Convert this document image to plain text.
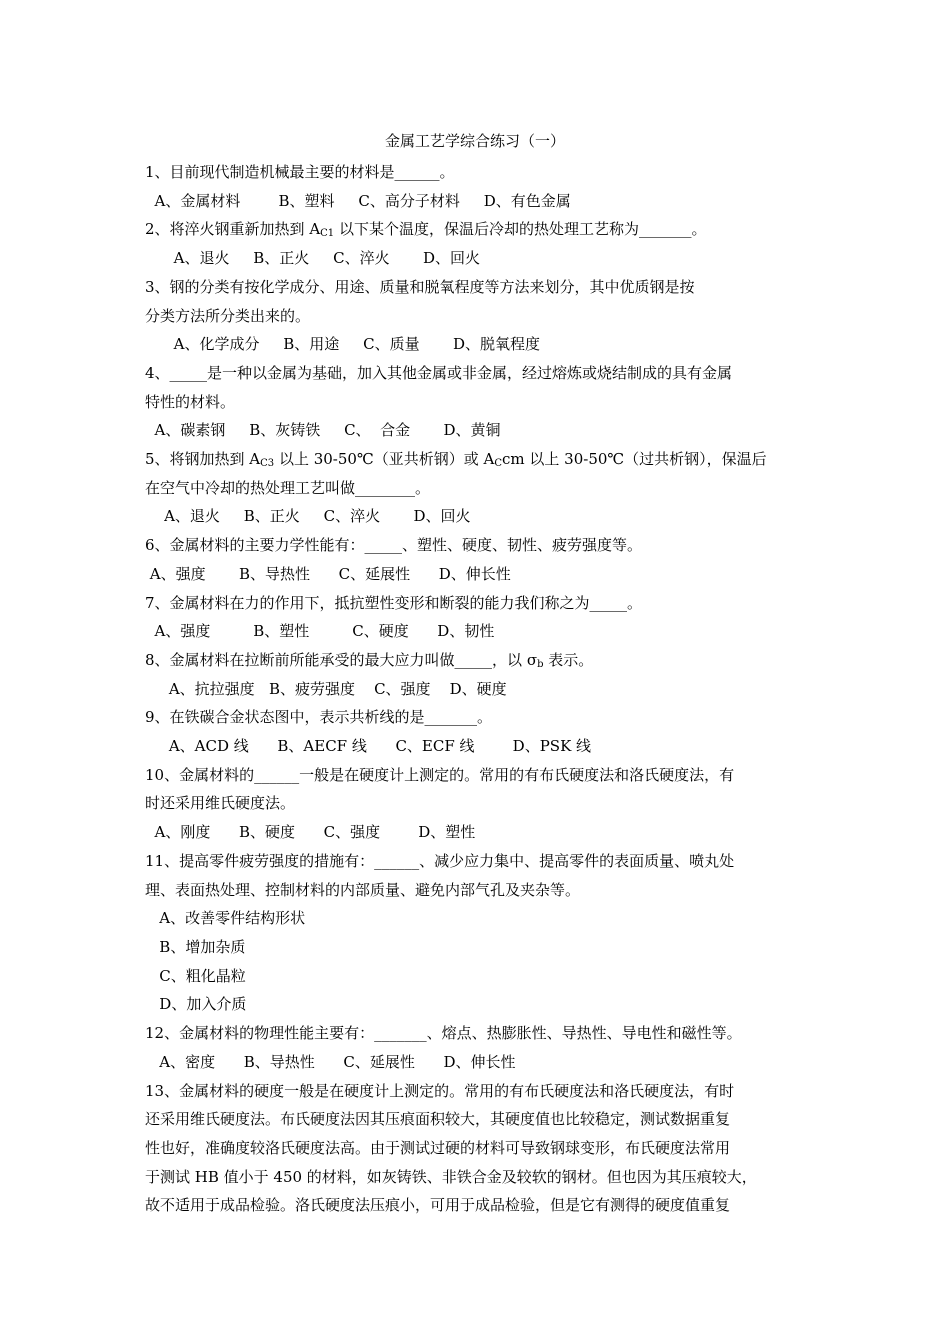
金属工艺学综合练习（一）
1、目前现代制造机械最主要的材料是______。
A、金属材料        B、塑料     C、高分子材料     D、有色金属
2、将淬火钢重新加热到 $A_{C1}$ 以下某个温度，保温后冷却的热处理工艺称为_______。
A、退火     B、正火     C、淬火       D、回火
3、钢的分类有按化学成分、用途、质量和脱氧程度等方法来划分，其中优质钢是按
分类方法所分类出来的。
A、化学成分     B、用途     C、质量       D、脱氧程度
4、_____是一种以金属为基础，加入其他金属或非金属，经过熔炼或烧结制成的具有金属
特性的材料。
A、碳素钢     B、灰铸铁     C、  合金       D、黄铜
5、将钢加热到 $A_{C3}$ 以上 30-50℃（亚共析钢）或 $A_Ccm$ 以上 30-50℃（过共析钢），保温后
在空气中冷却的热处理工艺叫做________。
A、退火     B、正火     C、淬火       D、回火
6、金属材料的主要力学性能有：_____、塑性、硬度、韧性、疲劳强度等。
A、强度       B、导热性      C、延展性      D、伸长性
7、金属材料在力的作用下，抵抗塑性变形和断裂的能力我们称之为_____。
A、强度         B、塑性         C、硬度      D、韧性
8、金属材料在拉断前所能承受的最大应力叫做_____，以 $\sigma_b$ 表示。
A、抗拉强度   B、疲劳强度    C、强度    D、硬度
9、在铁碳合金状态图中，表示共析线的是_______。
A、ACD 线      B、AECF 线      C、ECF 线        D、PSK 线
10、金属材料的______一般是在硬度计上测定的。常用的有布氏硬度法和洛氏硬度法，有
时还采用维氏硬度法。
A、刚度      B、硬度      C、强度        D、塑性
11、提高零件疲劳强度的措施有：______、减少应力集中、提高零件的表面质量、喷丸处
理、表面热处理、控制材料的内部质量、避免内部气孔及夹杂等。
A、改善零件结构形状
B、增加杂质
C、粗化晶粒
D、加入介质
12、金属材料的物理性能主要有：_______、熔点、热膨胀性、导热性、导电性和磁性等。
A、密度      B、导热性      C、延展性      D、伸长性
13、金属材料的硬度一般是在硬度计上测定的。常用的有布氏硬度法和洛氏硬度法，有时
还采用维氏硬度法。布氏硬度法因其压痕面积较大，其硬度值也比较稳定，测试数据重复
性也好，准确度较洛氏硬度法高。由于测试过硬的材料可导致钢球变形，布氏硬度法常用
于测试 HB 值小于 450 的材料，如灰铸铁、非铁合金及较软的钢材。但也因为其压痕较大，
故不适用于成品检验。洛氏硬度法压痕小，可用于成品检验，但是它有测得的硬度值重复
